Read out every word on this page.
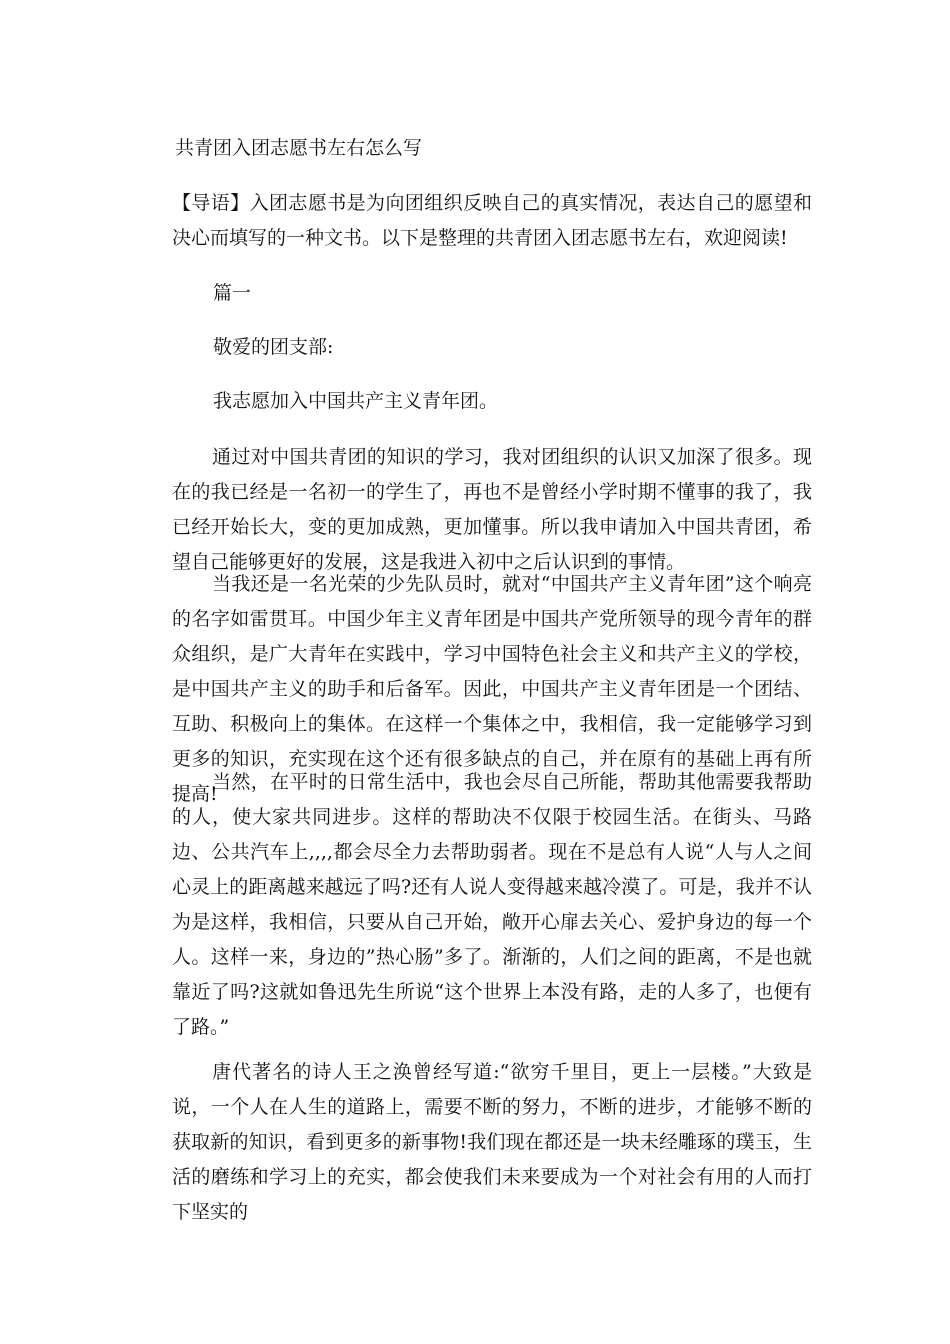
共青团入团志愿书左右怎么写

【导语】入团志愿书是为向团组织反映自己的真实情况，表达自己的愿望和决心而填写的一种文书。以下是整理的共青团入团志愿书左右，欢迎阅读!

篇一
敬爱的团支部:
我志愿加入中国共产主义青年团。

通过对中国共青团的知识的学习，我对团组织的认识又加深了很多。现在的我已经是一名初一的学生了，再也不是曾经小学时期不懂事的我了，我已经开始长大，变的更加成熟，更加懂事。所以我申请加入中国共青团，希望自己能够更好的发展，这是我进入初中之后认识到的事情。

当我还是一名光荣的少先队员时，就对“中国共产主义青年团”这个响亮的名字如雷贯耳。中国少年主义青年团是中国共产党所领导的现今青年的群众组织，是广大青年在实践中，学习中国特色社会主义和共产主义的学校，是中国共产主义的助手和后备军。因此，中国共产主义青年团是一个团结、互助、积极向上的集体。在这样一个集体之中，我相信，我一定能够学习到更多的知识，充实现在这个还有很多缺点的自己，并在原有的基础上再有所提高!

当然，在平时的日常生活中，我也会尽自己所能，帮助其他需要我帮助的人，使大家共同进步。这样的帮助决不仅限于校园生活。在街头、马路边、公共汽车上,,,,都会尽全力去帮助弱者。现在不是总有人说“人与人之间心灵上的距离越来越远了吗?还有人说人变得越来越冷漠了。可是，我并不认为是这样，我相信，只要从自己开始，敞开心扉去关心、爱护身边的每一个人。这样一来，身边的”热心肠”多了。渐渐的，人们之间的距离，不是也就靠近了吗?这就如鲁迅先生所说“这个世界上本没有路，走的人多了，也便有了路。”

唐代著名的诗人王之涣曾经写道:“欲穷千里目，更上一层楼。”大致是说，一个人在人生的道路上，需要不断的努力，不断的进步，才能够不断的获取新的知识，看到更多的新事物!我们现在都还是一块未经雕琢的璞玉，生活的磨练和学习上的充实，都会使我们未来要成为一个对社会有用的人而打下坚实的
